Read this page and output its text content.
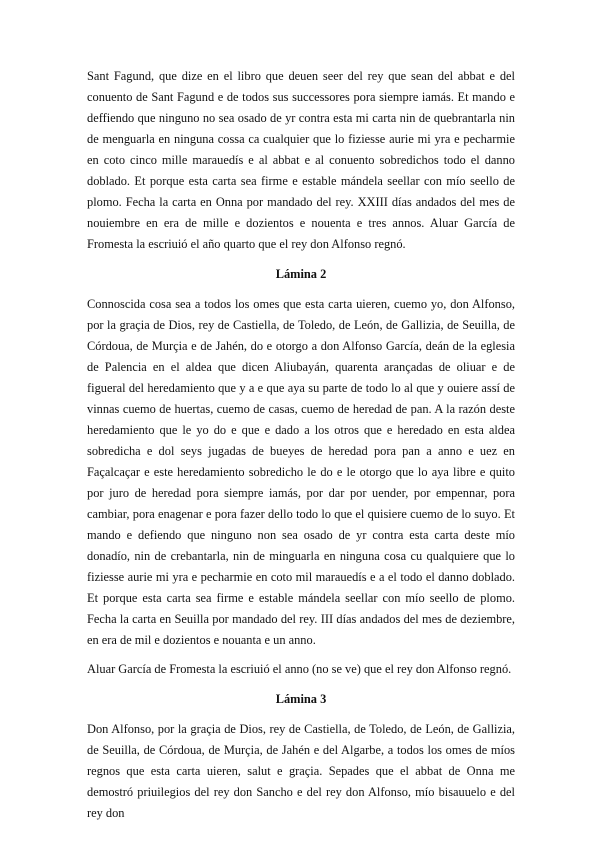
Sant Fagund, que dize en el libro que deuen seer del rey que sean del abbat e del conuento de Sant Fagund e de todos sus successores pora siempre iamás. Et mando e deffiendo que ninguno no sea osado de yr contra esta mi carta nin de quebrantarla nin de menguarla en ninguna cossa ca cualquier que lo fiziesse aurie mi yra e pecharmie en coto cinco mille marauedís e al abbat e al conuento sobredichos todo el danno doblado. Et porque esta carta sea firme e estable mándela seellar con mío seello de plomo. Fecha la carta en Onna por mandado del rey. XXIII días andados del mes de nouiembre en era de mille e dozientos e nouenta e tres annos. Aluar García de Fromesta la escriuió el año quarto que el rey don Alfonso regnó.

Lámina 2

Connoscida cosa sea a todos los omes que esta carta uieren, cuemo yo, don Alfonso, por la graçia de Dios, rey de Castiella, de Toledo, de León, de Gallizia, de Seuilla, de Córdoua, de Murçia e de Jahén, do e otorgo a don Alfonso García, deán de la eglesia de Palencia en el aldea que dicen Aliubayán, quarenta arançadas de oliuar e de figueral del heredamiento que y a e que aya su parte de todo lo al que y ouiere assí de vinnas cuemo de huertas, cuemo de casas, cuemo de heredad de pan. A la razón deste heredamiento que le yo do e que e dado a los otros que e heredado en esta aldea sobredicha e dol seys jugadas de bueyes de heredad pora pan a anno e uez en Façalcaçar e este heredamiento sobredicho le do e le otorgo que lo aya libre e quito por juro de heredad pora siempre iamás, por dar por uender, por empennar, pora cambiar, pora enagenar e pora fazer dello todo lo que el quisiere cuemo de lo suyo. Et mando e defiendo que ninguno non sea osado de yr contra esta carta deste mío donadío, nin de crebantarla, nin de minguarla en ninguna cosa cu qualquiere que lo fiziesse aurie mi yra e pecharmie en coto mil marauedís e a el todo el danno doblado. Et porque esta carta sea firme e estable mándela seellar con mío seello de plomo. Fecha la carta en Seuilla por mandado del rey. III días andados del mes de deziembre, en era de mil e dozientos e nouanta e un anno.

Aluar García de Fromesta la escriuió el anno (no se ve) que el rey don Alfonso regnó.

Lámina 3

Don Alfonso, por la graçia de Dios, rey de Castiella, de Toledo, de León, de Gallizia, de Seuilla, de Córdoua, de Murçia, de Jahén e del Algarbe, a todos los omes de míos regnos que esta carta uieren, salut e graçia. Sepades que el abbat de Onna me demostró priuilegios del rey don Sancho e del rey don Alfonso, mío bisauuelo e del rey don
